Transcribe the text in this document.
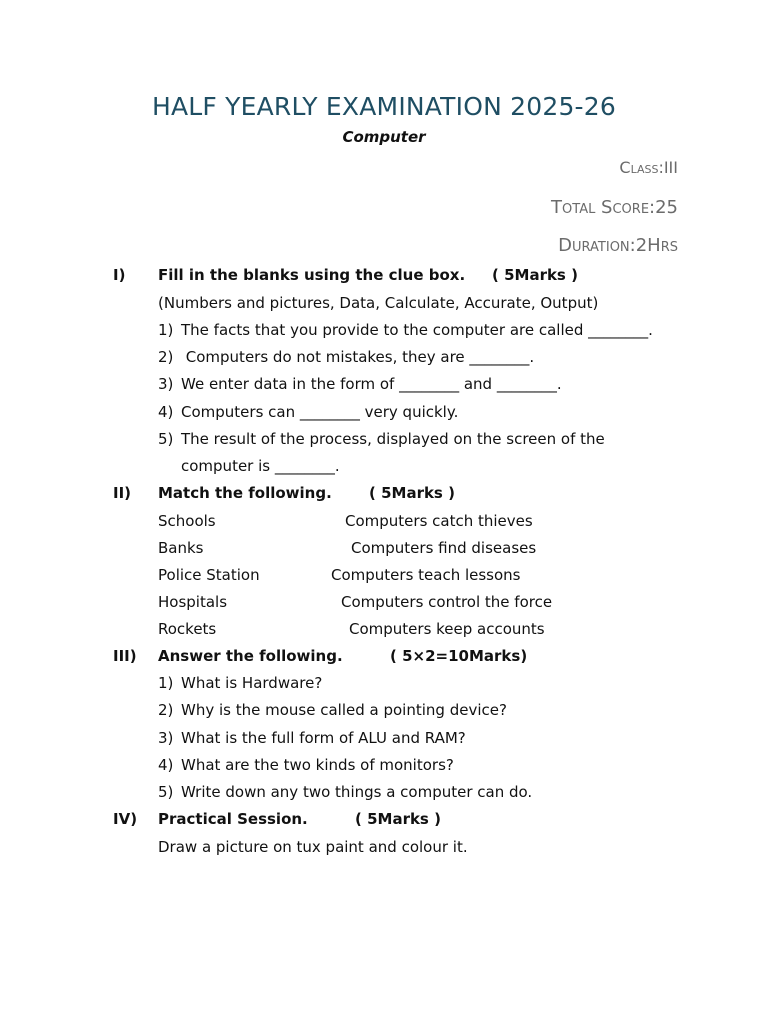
HALF YEARLY EXAMINATION 2025-26
Computer
Class:III
Total Score:25
Duration:2Hrs
I) Fill in the blanks using the clue box. ( 5Marks )
(Numbers and pictures, Data, Calculate, Accurate, Output)
1) The facts that you provide to the computer are called ________.
2) Computers do not mistakes, they are ________.
3) We enter data in the form of ________ and ________.
4) Computers can ________ very quickly.
5) The result of the process, displayed on the screen of the
computer is ________.
II) Match the following. ( 5Marks )
Schools	Computers catch thieves
Banks	Computers find diseases
Police Station	Computers teach lessons
Hospitals	Computers control the force
Rockets	Computers keep accounts
III) Answer the following.	( 5×2=10Marks)
1) What is Hardware?
2) Why is the mouse called a pointing device?
3) What is the full form of ALU and RAM?
4) What are the two kinds of monitors?
5) Write down any two things a computer can do.
IV) Practical Session.	( 5Marks )
Draw a picture on tux paint and colour it.
